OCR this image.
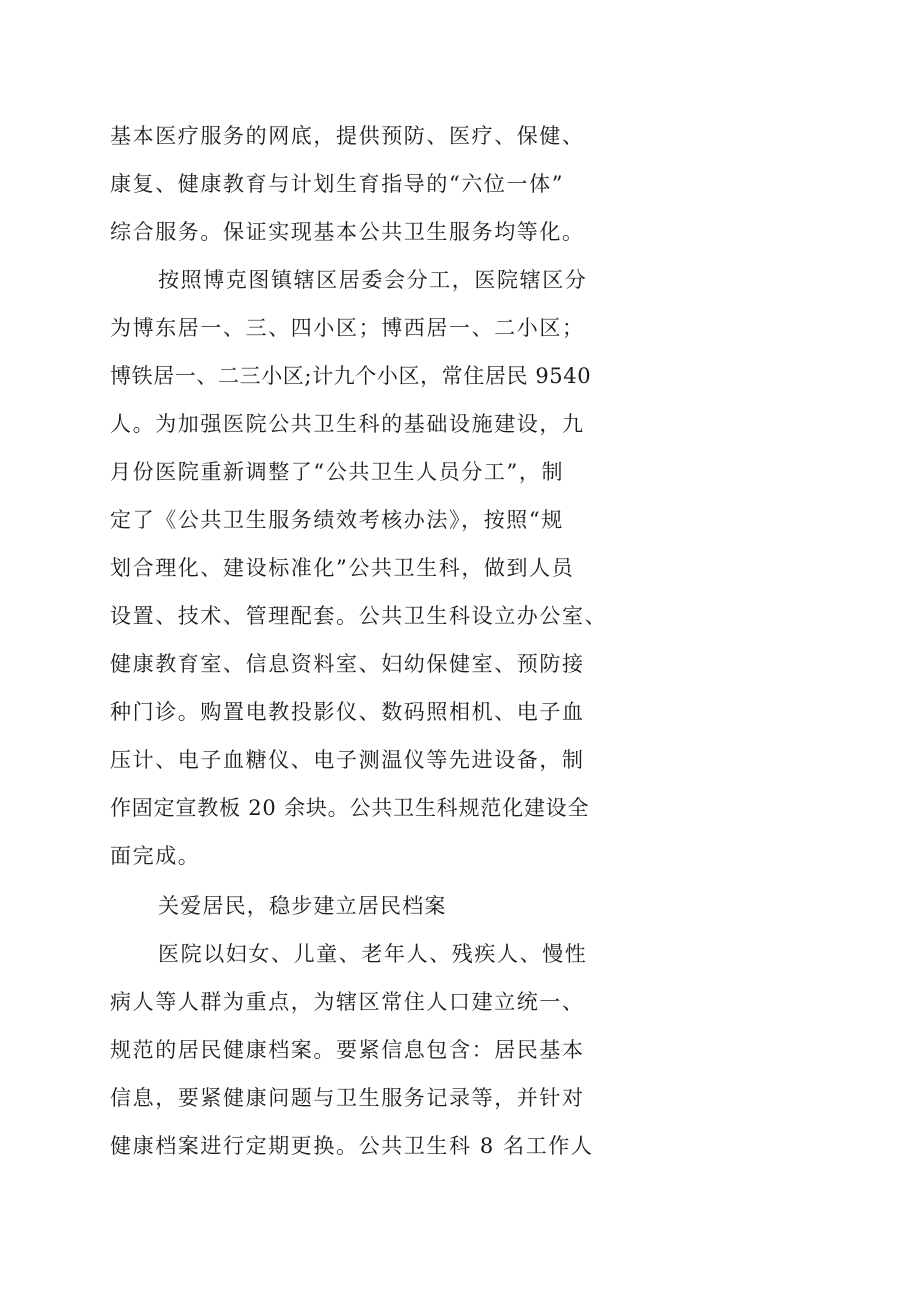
基本医疗服务的网底，提供预防、医疗、保健、
康复、健康教育与计划生育指导的“六位一体”
综合服务。保证实现基本公共卫生服务均等化。
按照博克图镇辖区居委会分工，医院辖区分
为博东居一、三、四小区；博西居一、二小区；
博铁居一、二三小区;计九个小区，常住居民 9540
人。为加强医院公共卫生科的基础设施建设，九
月份医院重新调整了“公共卫生人员分工”，制
定了《公共卫生服务绩效考核办法》，按照“规
划合理化、建设标准化”公共卫生科，做到人员
设置、技术、管理配套。公共卫生科设立办公室、
健康教育室、信息资料室、妇幼保健室、预防接
种门诊。购置电教投影仪、数码照相机、电子血
压计、电子血糖仪、电子测温仪等先进设备，制
作固定宣教板 20 余块。公共卫生科规范化建设全
面完成。
关爱居民，稳步建立居民档案
医院以妇女、儿童、老年人、残疾人、慢性
病人等人群为重点，为辖区常住人口建立统一、
规范的居民健康档案。要紧信息包含：居民基本
信息，要紧健康问题与卫生服务记录等，并针对
健康档案进行定期更换。公共卫生科 8 名工作人
